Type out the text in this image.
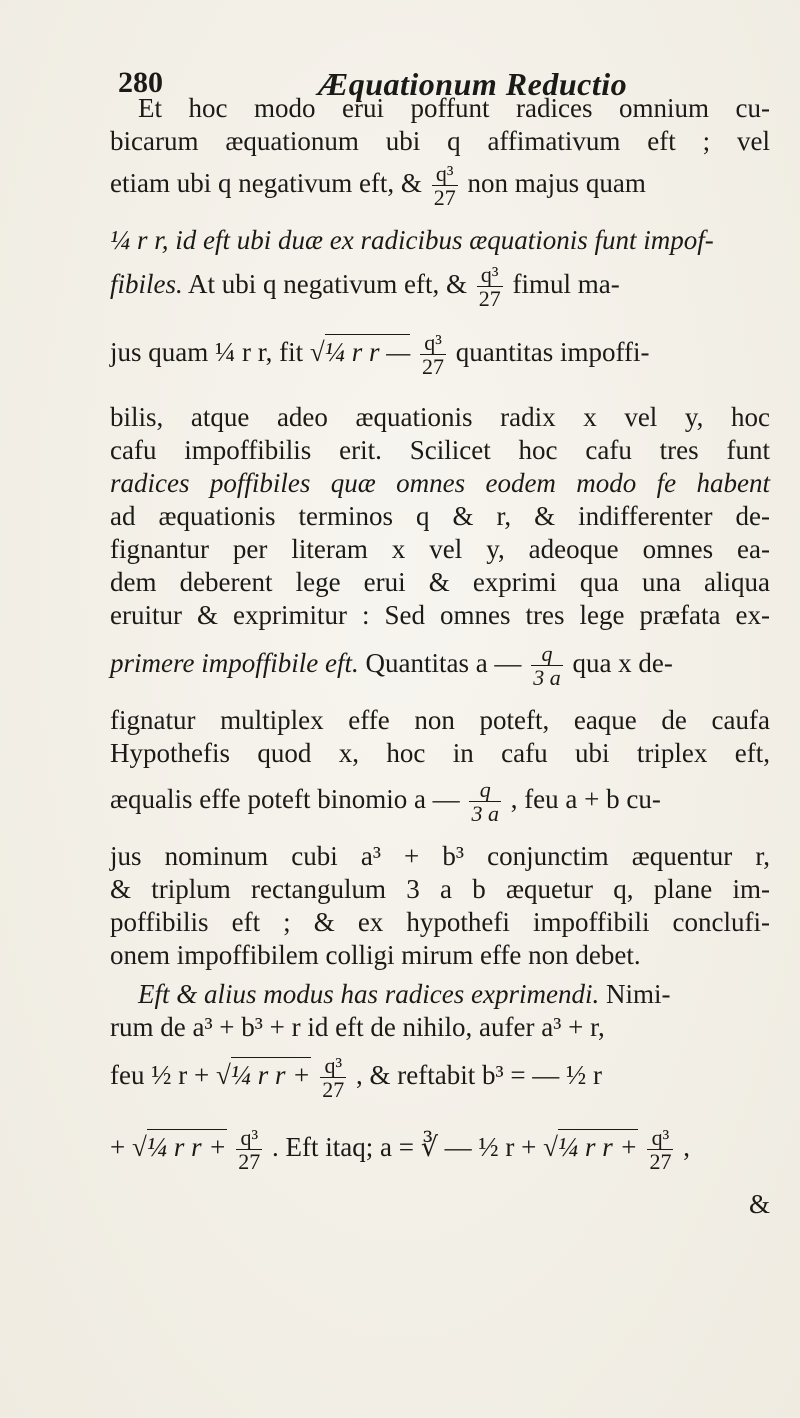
280	Æquationum Reductio
Et hoc modo erui poffunt radices omnium cu-
bicarum æquationum ubi q affimativum eft ; vel
etiam ubi q negativum eft, & $\frac{\text{q³}}{27}$ non majus quam
¼ r r, id eft ubi duæ ex radicibus æquationis funt impof-
fibiles. At ubi q negativum eft, & $\frac{\text{q³}}{27}$ fimul ma-
jus quam ¼ r r, fit √¼ r r — $\frac{\text{q³}}{27}$ quantitas impoffi-
bilis, atque adeo æquationis radix x vel y, hoc
cafu impoffibilis erit. Scilicet hoc cafu tres funt
radices poffibiles quæ omnes eodem modo fe habent
ad æquationis terminos q & r, & indifferenter de-
fignantur per literam x vel y, adeoque omnes ea-
dem deberent lege erui & exprimi qua una aliqua
eruitur & exprimitur : Sed omnes tres lege præfata ex-
primere impoffibile eft. Quantitas a — $\frac{q}{3 a}$ qua x de-
fignatur multiplex effe non poteft, eaque de caufa
Hypothefis quod x, hoc in cafu ubi triplex eft,
æqualis effe poteft binomio a — $\frac{q}{3 a}$ , feu a + b cu-
jus nominum cubi a³ + b³ conjunctim æquentur r,
& triplum rectangulum 3 a b æquetur q, plane im-
poffibilis eft ; & ex hypothefi impoffibili conclufi-
onem impoffibilem colligi mirum effe non debet.
Eft & alius modus has radices exprimendi. Nimi-
rum de a³ + b³ + r id eft de nihilo, aufer a³ + r,
feu ½ r + √¼ r $r + \frac{\text{q³}}{27}$ , & reftabit b³ = — ½ r
+ √¼ r $r + \frac{\text{q³}}{27}$ . Eft itaq; a = ∛ — ½ r + √¼ r $r + \frac{\text{q³}}{27}$ ,
&
